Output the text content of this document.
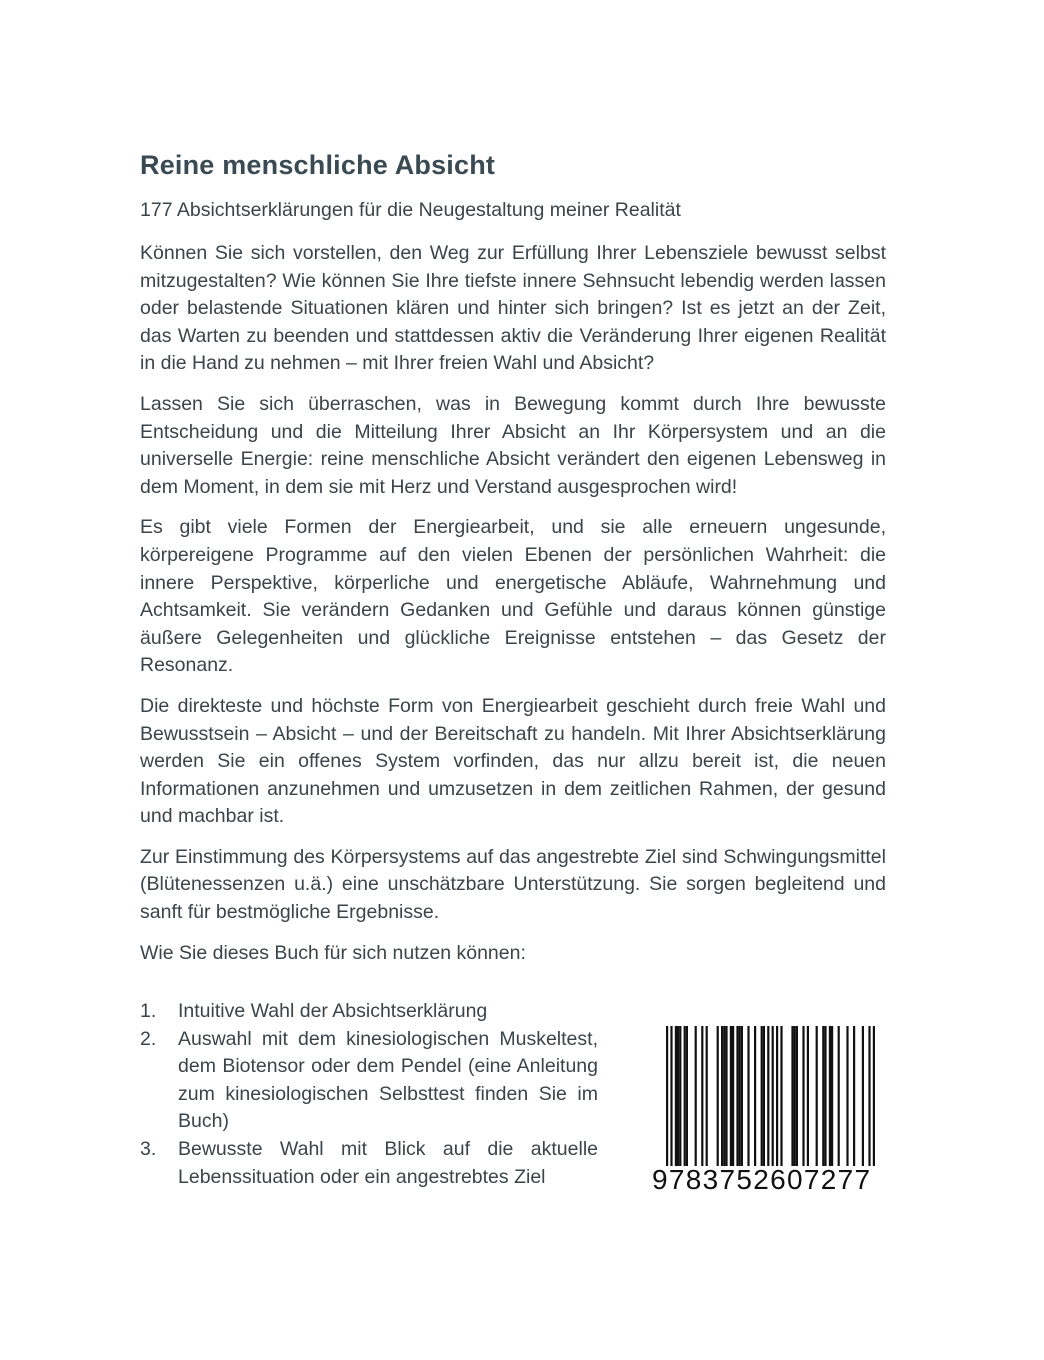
Reine menschliche Absicht
177 Absichtserklärungen für die Neugestaltung meiner Realität

Können Sie sich vorstellen, den Weg zur Erfüllung Ihrer Lebensziele bewusst selbst mitzugestalten? Wie können Sie Ihre tiefste innere Sehnsucht lebendig werden lassen oder belastende Situationen klären und hinter sich bringen? Ist es jetzt an der Zeit, das Warten zu beenden und stattdessen aktiv die Veränderung Ihrer eigenen Realität in die Hand zu nehmen – mit Ihrer freien Wahl und Absicht?

Lassen Sie sich überraschen, was in Bewegung kommt durch Ihre bewusste Entscheidung und die Mitteilung Ihrer Absicht an Ihr Körpersystem und an die universelle Energie: reine menschliche Absicht verändert den eigenen Lebensweg in dem Moment, in dem sie mit Herz und Verstand ausgesprochen wird!

Es gibt viele Formen der Energiearbeit, und sie alle erneuern ungesunde, körpereigene Programme auf den vielen Ebenen der persönlichen Wahrheit: die innere Perspektive, körperliche und energetische Abläufe, Wahrnehmung und Achtsamkeit. Sie verändern Gedanken und Gefühle und daraus können günstige äußere Gelegenheiten und glückliche Ereignisse entstehen – das Gesetz der Resonanz.

Die direkteste und höchste Form von Energiearbeit geschieht durch freie Wahl und Bewusstsein – Absicht – und der Bereitschaft zu handeln. Mit Ihrer Absichtserklärung werden Sie ein offenes System vorfinden, das nur allzu bereit ist, die neuen Informationen anzunehmen und umzusetzen in dem zeitlichen Rahmen, der gesund und machbar ist.

Zur Einstimmung des Körpersystems auf das angestrebte Ziel sind Schwingungsmittel (Blütenessenzen u.ä.) eine unschätzbare Unterstützung. Sie sorgen begleitend und sanft für bestmögliche Ergebnisse.

Wie Sie dieses Buch für sich nutzen können:

1.	Intuitive Wahl der Absichtserklärung
2.	Auswahl mit dem kinesiologischen Muskeltest, dem Biotensor oder dem Pendel (eine Anleitung zum kinesiologischen Selbsttest finden Sie im Buch)
3.	Bewusste Wahl mit Blick auf die aktuelle Lebenssituation oder ein angestrebtes Ziel	9783752607277
